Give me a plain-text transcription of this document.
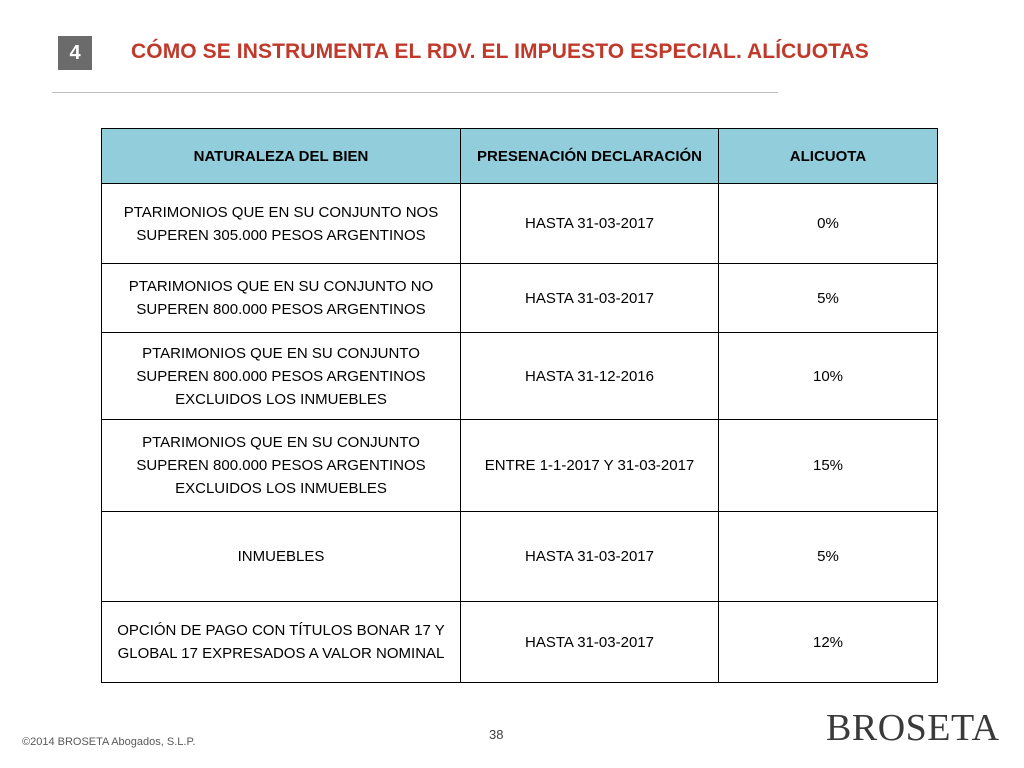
4	CÓMO SE INSTRUMENTA EL RDV. EL IMPUESTO ESPECIAL. ALÍCUOTAS
NATURALEZA DEL BIEN	PRESENACIÓN DECLARACIÓN	ALICUOTA

PTARIMONIOS QUE EN SU CONJUNTO NOS
SUPEREN 305.000 PESOS ARGENTINOS	HASTA 31-03-2017	0%

PTARIMONIOS QUE EN SU CONJUNTO NO
SUPEREN 800.000 PESOS ARGENTINOS	HASTA 31-03-2017	5%

PTARIMONIOS QUE EN SU CONJUNTO
SUPEREN 800.000 PESOS ARGENTINOS
EXCLUIDOS LOS INMUEBLES	HASTA 31-12-2016	10%

PTARIMONIOS QUE EN SU CONJUNTO
SUPEREN 800.000 PESOS ARGENTINOS
EXCLUIDOS LOS INMUEBLES	ENTRE 1-1-2017 Y 31-03-2017	15%

INMUEBLES	HASTA 31-03-2017	5%

OPCIÓN DE PAGO CON TÍTULOS BONAR 17 Y
GLOBAL 17 EXPRESADOS A VALOR NOMINAL	HASTA 31-03-2017	12%
©2014 BROSETA Abogados, S.L.P.	38	BROSETA
